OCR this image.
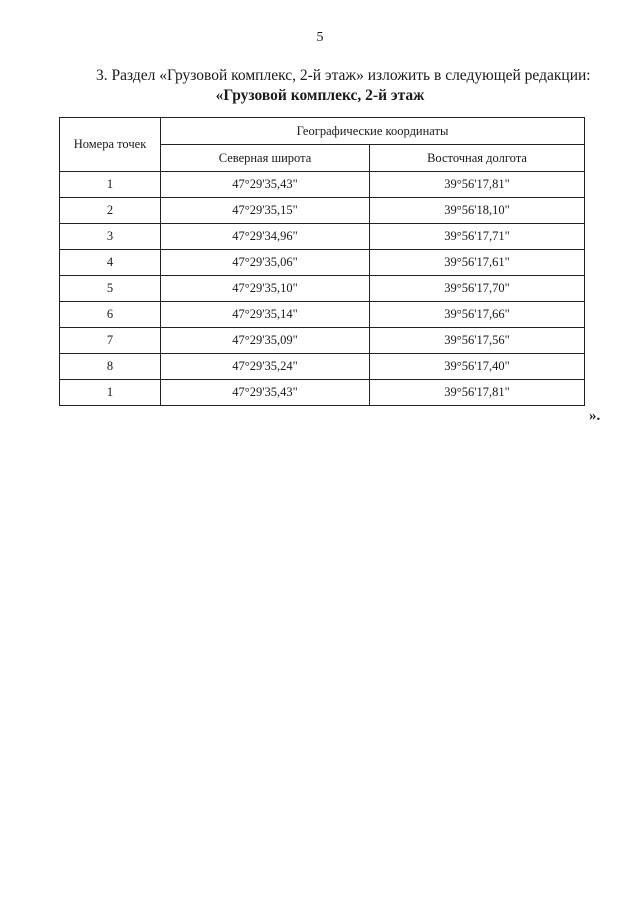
5
3. Раздел «Грузовой комплекс, 2-й этаж» изложить в следующей редакции:
«Грузовой комплекс, 2-й этаж
Номера точек	Географические координаты	
	Северная широта	Восточная долгота
1	47°29'35,43"	39°56'17,81"
2	47°29'35,15"	39°56'18,10"
3	47°29'34,96"	39°56'17,71"
4	47°29'35,06"	39°56'17,61"
5	47°29'35,10"	39°56'17,70"
6	47°29'35,14"	39°56'17,66"
7	47°29'35,09"	39°56'17,56"
8	47°29'35,24"	39°56'17,40"
1	47°29'35,43"	39°56'17,81"
».
